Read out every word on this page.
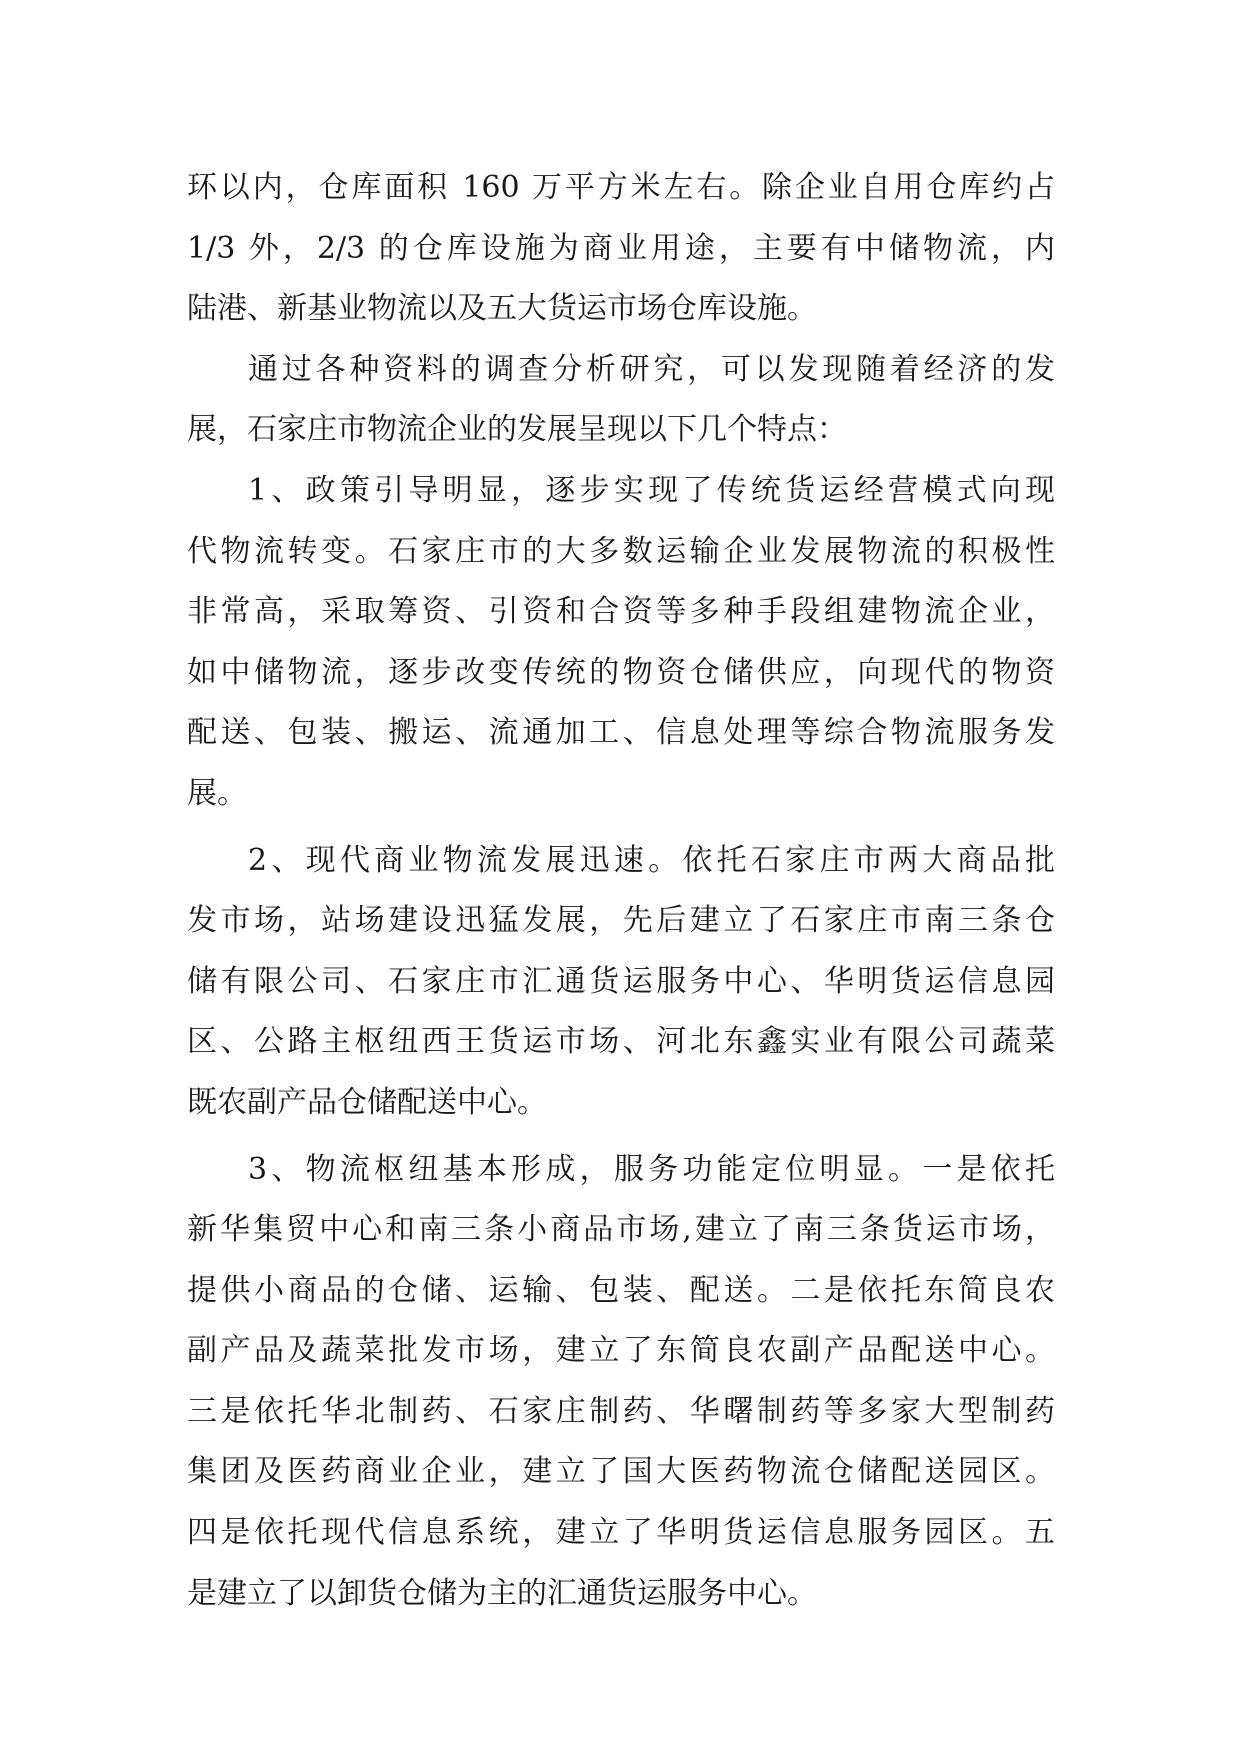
环以内，仓库面积 160 万平方米左右。除企业自用仓库约占
1/3 外，2/3 的仓库设施为商业用途，主要有中储物流，内
陆港、新基业物流以及五大货运市场仓库设施。
通过各种资料的调查分析研究，可以发现随着经济的发
展，石家庄市物流企业的发展呈现以下几个特点：
1、政策引导明显，逐步实现了传统货运经营模式向现
代物流转变。石家庄市的大多数运输企业发展物流的积极性
非常高，采取筹资、引资和合资等多种手段组建物流企业，
如中储物流，逐步改变传统的物资仓储供应，向现代的物资
配送、包装、搬运、流通加工、信息处理等综合物流服务发
展。
2、现代商业物流发展迅速。依托石家庄市两大商品批
发市场，站场建设迅猛发展，先后建立了石家庄市南三条仓
储有限公司、石家庄市汇通货运服务中心、华明货运信息园
区、公路主枢纽西王货运市场、河北东鑫实业有限公司蔬菜
既农副产品仓储配送中心。
3、物流枢纽基本形成，服务功能定位明显。一是依托
新华集贸中心和南三条小商品市场,建立了南三条货运市场，
提供小商品的仓储、运输、包装、配送。二是依托东简良农
副产品及蔬菜批发市场，建立了东简良农副产品配送中心。
三是依托华北制药、石家庄制药、华曙制药等多家大型制药
集团及医药商业企业，建立了国大医药物流仓储配送园区。
四是依托现代信息系统，建立了华明货运信息服务园区。五
是建立了以卸货仓储为主的汇通货运服务中心。
